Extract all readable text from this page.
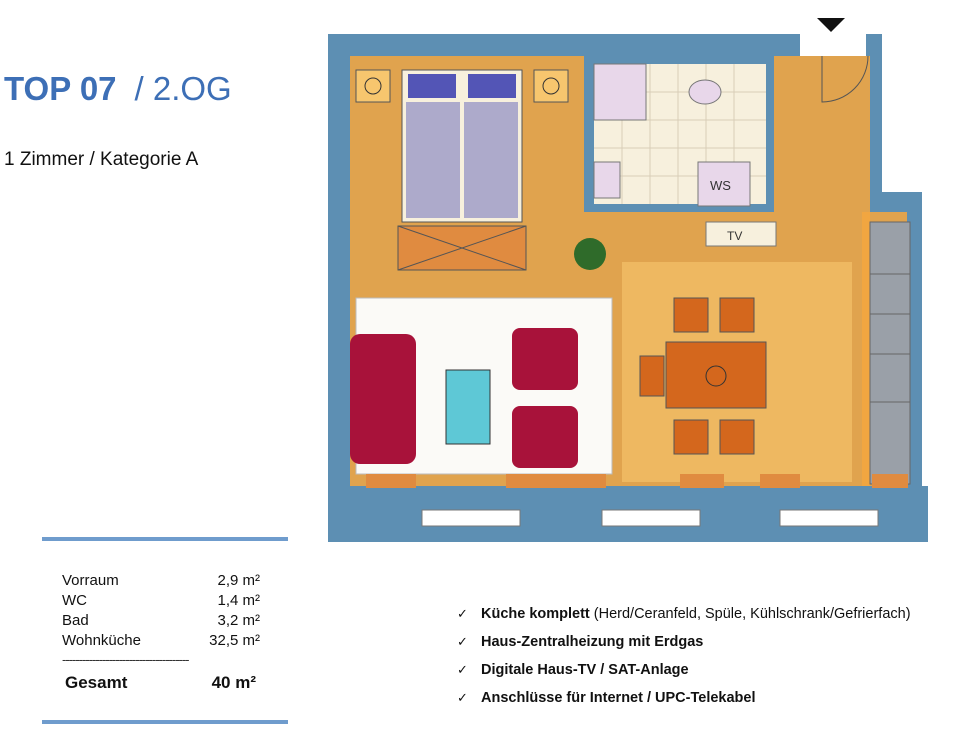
TOP 07 / 2.OG
1 Zimmer / Kategorie A
Vorraum	2,9 m²
WC	1,4 m²
Bad	3,2 m²
Wohnküche	32,5 m²
--------------------------------------
Gesamt	40 m²
✓ Küche komplett (Herd/Ceranfeld, Spüle, Kühlschrank/Gefrierfach)
✓ Haus-Zentralheizung mit Erdgas
✓ Digitale Haus-TV / SAT-Anlage
✓ Anschlüsse für Internet / UPC-Telekabel
WS
TV
